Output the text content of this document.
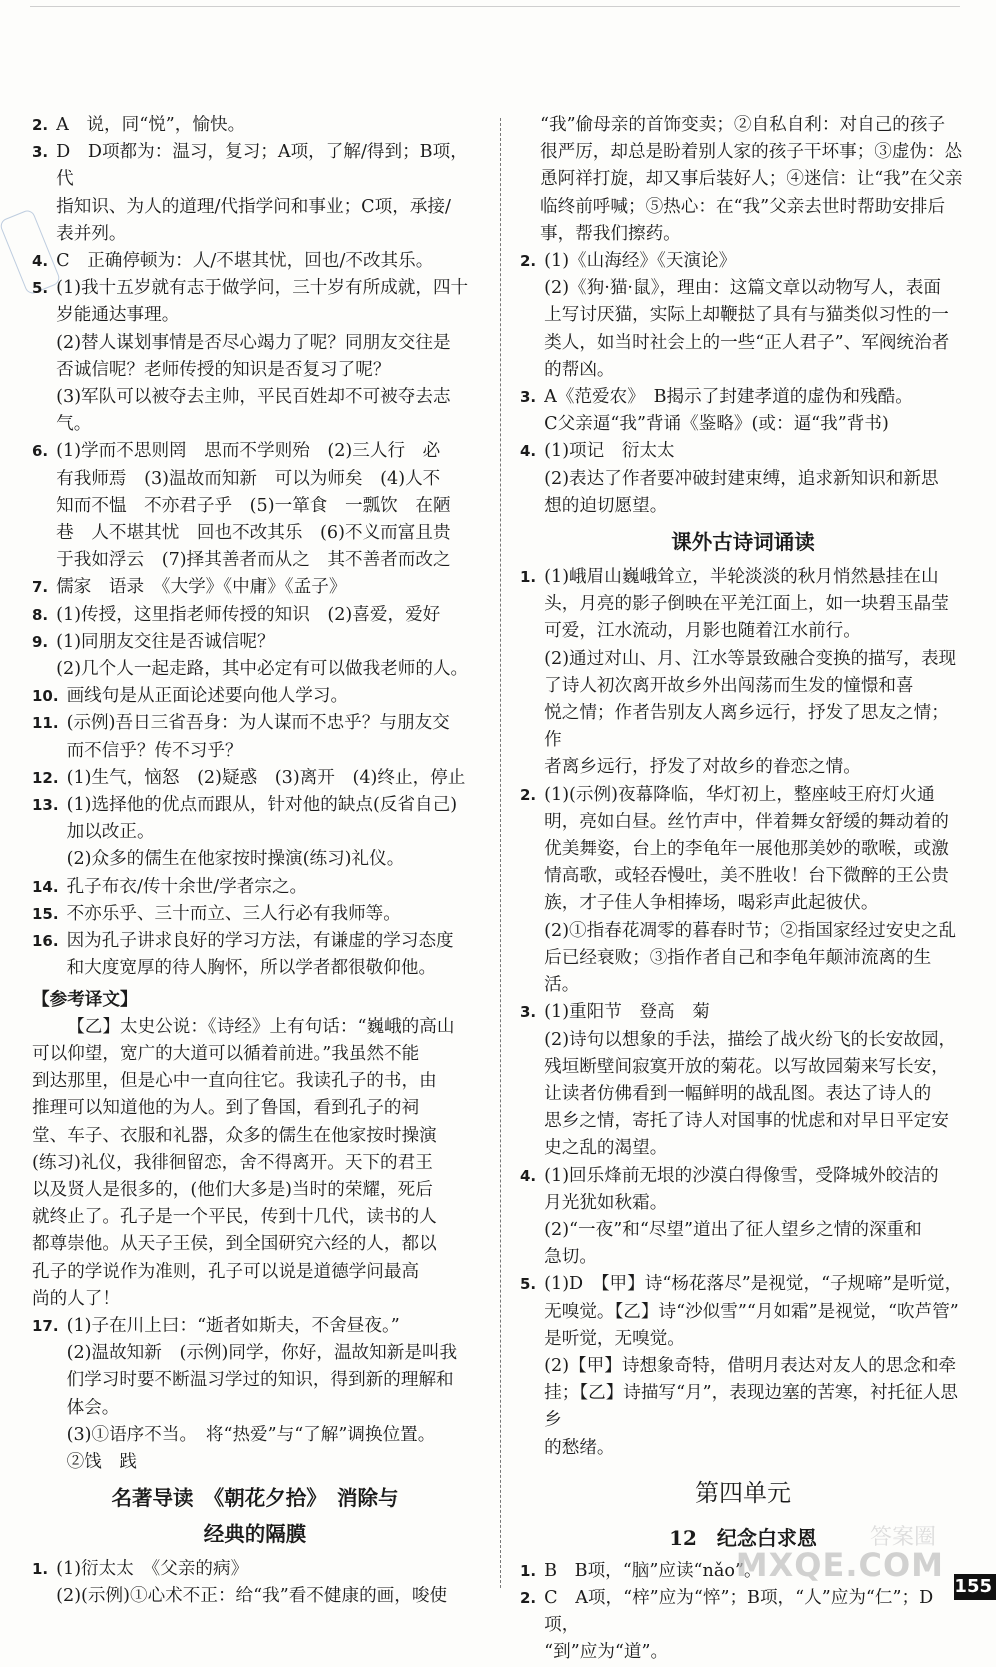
2. A　说，同“悦”，愉快。
3. D　D项都为：温习，复习；A项，了解/得到；B项，代
指知识、为人的道理/代指学问和事业；C项，承接/
表并列。
4. C　正确停顿为：人/不堪其忧，回也/不改其乐。
5. (1)我十五岁就有志于做学问，三十岁有所成就，四十
岁能通达事理。
(2)替人谋划事情是否尽心竭力了呢？同朋友交往是
否诚信呢？老师传授的知识是否复习了呢？
(3)军队可以被夺去主帅，平民百姓却不可被夺去志气。
6. (1)学而不思则罔　思而不学则殆　(2)三人行　必
有我师焉　(3)温故而知新　可以为师矣　(4)人不
知而不愠　不亦君子乎　(5)一箪食　一瓢饮　在陋
巷　人不堪其忧　回也不改其乐　(6)不义而富且贵
于我如浮云　(7)择其善者而从之　其不善者而改之
7. 儒家　语录　《大学》《中庸》《孟子》
8. (1)传授，这里指老师传授的知识　(2)喜爱，爱好
9. (1)同朋友交往是否诚信呢？
(2)几个人一起走路，其中必定有可以做我老师的人。
10. 画线句是从正面论述要向他人学习。
11. (示例)吾日三省吾身：为人谋而不忠乎？与朋友交
而不信乎？传不习乎？
12. (1)生气，恼怒　(2)疑惑　(3)离开　(4)终止，停止
13. (1)选择他的优点而跟从，针对他的缺点(反省自己)
加以改正。
(2)众多的儒生在他家按时操演(练习)礼仪。
14. 孔子布衣/传十余世/学者宗之。
15. 不亦乐乎、三十而立、三人行必有我师等。
16. 因为孔子讲求良好的学习方法，有谦虚的学习态度
和大度宽厚的待人胸怀，所以学者都很敬仰他。
【参考译文】
【乙】太史公说：《诗经》上有句话：“巍峨的高山
可以仰望，宽广的大道可以循着前进。”我虽然不能
到达那里，但是心中一直向往它。我读孔子的书，由
推理可以知道他的为人。到了鲁国，看到孔子的祠
堂、车子、衣服和礼器，众多的儒生在他家按时操演
(练习)礼仪，我徘徊留恋，舍不得离开。天下的君王
以及贤人是很多的，(他们大多是)当时的荣耀，死后
就终止了。孔子是一个平民，传到十几代，读书的人
都尊崇他。从天子王侯，到全国研究六经的人，都以
孔子的学说作为准则，孔子可以说是道德学问最高
尚的人了！
17. (1)子在川上曰：“逝者如斯夫，不舍昼夜。”
(2)温故知新　(示例)同学，你好，温故知新是叫我
们学习时要不断温习学过的知识，得到新的理解和
体会。
(3)①语序不当。　将“热爱”与“了解”调换位置。
②饯　践
名著导读　《朝花夕拾》　消除与
经典的隔膜
1. (1)衍太太　《父亲的病》
(2)(示例)①心术不正：给“我”看不健康的画，唆使
“我”偷母亲的首饰变卖；②自私自利：对自己的孩子
很严厉，却总是盼着别人家的孩子干坏事；③虚伪：怂
恿阿祥打旋，却又事后装好人；④迷信：让“我”在父亲
临终前呼喊；⑤热心：在“我”父亲去世时帮助安排后
事，帮我们擦药。
2. (1)《山海经》《天演论》
(2)《狗·猫·鼠》，理由：这篇文章以动物写人，表面
上写讨厌猫，实际上却鞭挞了具有与猫类似习性的一
类人，如当时社会上的一些“正人君子”、军阀统治者
的帮凶。
3. A《范爱农》　B揭示了封建孝道的虚伪和残酷。
C父亲逼“我”背诵《鉴略》(或：逼“我”背书)
4. (1)项记　衍太太
(2)表达了作者要冲破封建束缚，追求新知识和新思
想的迫切愿望。
课外古诗词诵读
1. (1)峨眉山巍峨耸立，半轮淡淡的秋月悄然悬挂在山
头，月亮的影子倒映在平羌江面上，如一块碧玉晶莹
可爱，江水流动，月影也随着江水前行。
(2)通过对山、月、江水等景致融合变换的描写，表现
了诗人初次离开故乡外出闯荡而生发的憧憬和喜
悦之情；作者告别友人离乡远行，抒发了思友之情；作
者离乡远行，抒发了对故乡的眷恋之情。
2. (1)(示例)夜幕降临，华灯初上，整座岐王府灯火通
明，亮如白昼。丝竹声中，伴着舞女舒缓的舞动着的
优美舞姿，台上的李龟年一展他那美妙的歌喉，或激
情高歌，或轻吞慢吐，美不胜收！台下微醉的王公贵
族，才子佳人争相捧场，喝彩声此起彼伏。
(2)①指春花凋零的暮春时节；②指国家经过安史之乱
后已经衰败；③指作者自己和李龟年颠沛流离的生活。
3. (1)重阳节　登高　菊
(2)诗句以想象的手法，描绘了战火纷飞的长安故园，
残垣断壁间寂寞开放的菊花。以写故园菊来写长安，
让读者仿佛看到一幅鲜明的战乱图。表达了诗人的
思乡之情，寄托了诗人对国事的忧虑和对早日平定安
史之乱的渴望。
4. (1)回乐烽前无垠的沙漠白得像雪，受降城外皎洁的
月光犹如秋霜。
(2)“一夜”和“尽望”道出了征人望乡之情的深重和
急切。
5. (1)D　【甲】诗“杨花落尽”是视觉，“子规啼”是听觉，
无嗅觉。【乙】诗“沙似雪”“月如霜”是视觉，“吹芦管”
是听觉，无嗅觉。
(2)【甲】诗想象奇特，借明月表达对友人的思念和牵
挂；【乙】诗描写“月”，表现边塞的苦寒，衬托征人思乡
的愁绪。
第四单元
12　纪念白求恩
1. B　B项，“脑”应读“nǎo”。
2. C　A项，“梓”应为“悴”；B项，“人”应为“仁”；D项，
“到”应为“道”。
答案圈
MXQE.COM
155
